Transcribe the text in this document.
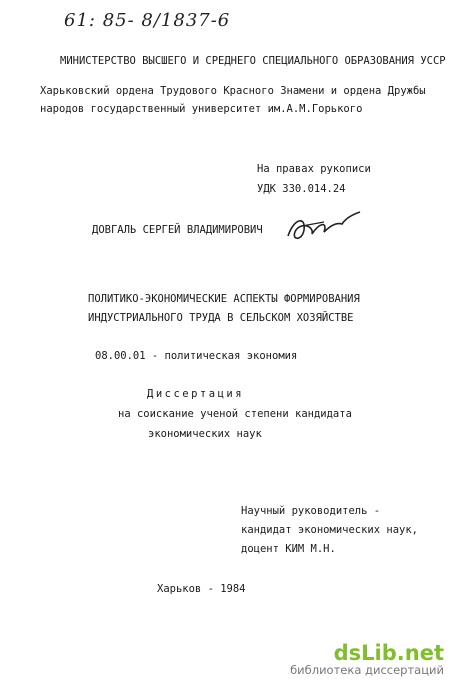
61: 85- 8/1837-6
МИНИСТЕРСТВО ВЫСШЕГО И СРЕДНЕГО СПЕЦИАЛЬНОГО ОБРАЗОВАНИЯ УССР
Харьковский ордена Трудового Красного Знамени и ордена Дружбы
народов государственный университет им.А.М.Горького
На правах рукописи
УДК 330.014.24
ДОВГАЛЬ СЕРГЕЙ ВЛАДИМИРОВИЧ
ПОЛИТИКО-ЭКОНОМИЧЕСКИЕ АСПЕКТЫ ФОРМИРОВАНИЯ
ИНДУСТРИАЛЬНОГО ТРУДА В СЕЛЬСКОМ ХОЗЯЙСТВЕ
08.00.01 - политическая экономия
Диссертация
на соискание ученой степени кандидата
экономических наук
Научный руководитель -
кандидат экономических наук,
доцент КИМ М.Н.
Харьков - 1984
dsLib.net
библиотека диссертаций
